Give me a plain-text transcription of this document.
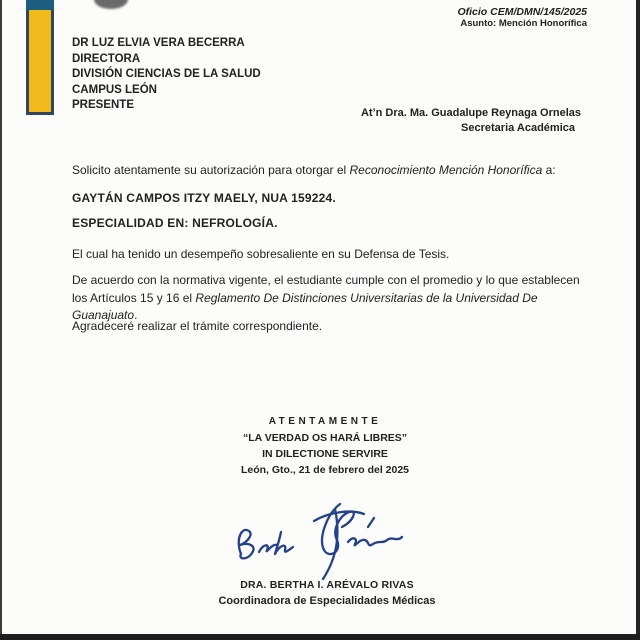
Oficio CEM/DMN/145/2025
Asunto: Mención Honorífica
DR LUZ ELVIA VERA BECERRA
DIRECTORA
DIVISIÓN CIENCIAS DE LA SALUD
CAMPUS LEÓN
PRESENTE
At’n Dra. Ma. Guadalupe Reynaga Ornelas
Secretaria Académica

Solicito atentamente su autorización para otorgar el Reconocimiento Mención Honorífica a:

GAYTÁN CAMPOS ITZY MAELY, NUA 159224.

ESPECIALIDAD EN: NEFROLOGÍA.

El cual ha tenido un desempeño sobresaliente en su Defensa de Tesis.

De acuerdo con la normativa vigente, el estudiante cumple con el promedio y lo que establecen los Artículos 15 y 16 el Reglamento De Distinciones Universitarias de la Universidad De Guanajuato.

Agradeceré realizar el trámite correspondiente.

ATENTAMENTE
“LA VERDAD OS HARÁ LIBRES”
IN DILECTIONE SERVIRE
León, Gto., 21 de febrero del 2025
DRA. BERTHA I. ARÉVALO RIVAS
Coordinadora de Especialidades Médicas
